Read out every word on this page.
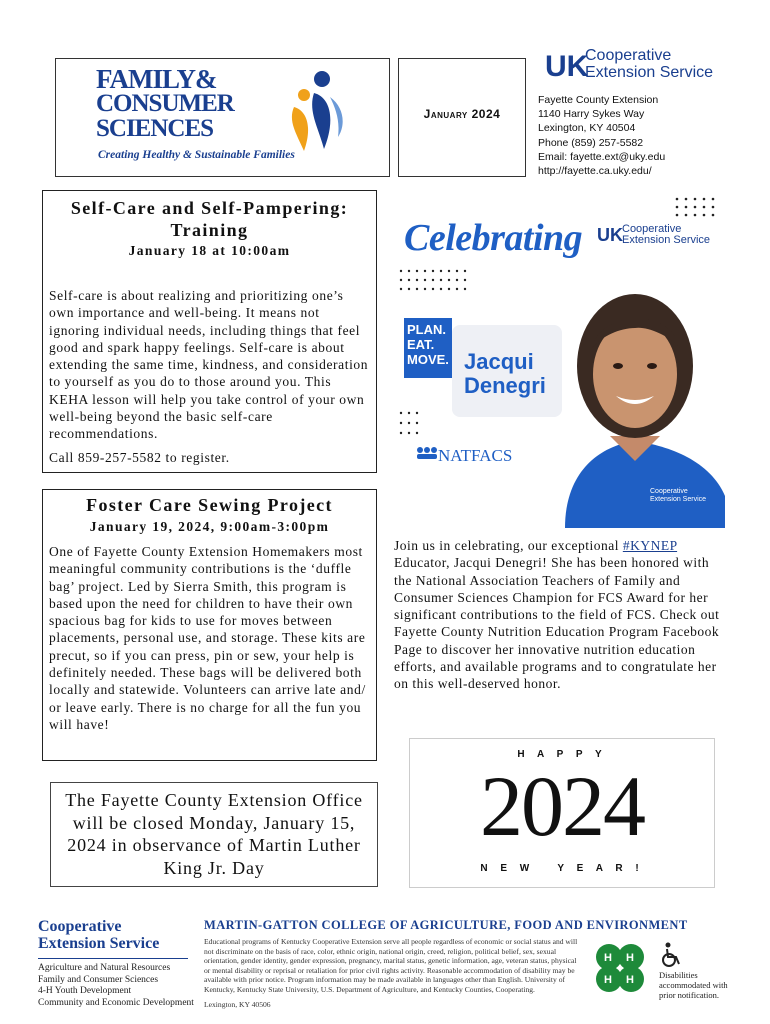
FAMILY&
CONSUMER
SCIENCES
Creating Healthy & Sustainable Families
January 2024
UK
Cooperative
Extension Service
Fayette County Extension
1140 Harry Sykes Way
Lexington, KY 40504
Phone (859) 257-5582
Email: fayette.ext@uky.edu
http://fayette.ca.uky.edu/
Self-Care and Self-Pampering: Training
January 18 at 10:00am
Self-care is about realizing and prioritizing one’s own importance and well-being. It means not ignoring individual needs, including things that feel good and spark happy feelings. Self-care is about extending the same time, kindness, and consideration to yourself as you do to those around you. This KEHA lesson will help you take control of your own well-being beyond the basic self-care recommendations.
Call 859-257-5582 to register.
Foster Care Sewing Project
January 19, 2024, 9:00am-3:00pm
One of Fayette County Extension Homemakers most meaningful community contributions is the ‘duffle bag’ project. Led by Sierra Smith, this program is based upon the need for children to have their own spacious bag for kids to use for moves between placements, personal use, and storage. These kits are precut, so if you can press, pin or sew, your help is definitely needed. These bags will be delivered both locally and statewide. Volunteers can arrive late and/ or leave early. There is no charge for all the fun you will have!
The Fayette County Extension Office will be closed Monday, January 15, 2024 in observance of Martin Luther King Jr. Day
Celebrating UK Cooperative
Extension Service
PLAN.
EAT.
MOVE. Jacqui
Denegri
Cooperative Extension Service
NATFACS
Join us in celebrating, our exceptional #KYNEP Educator, Jacqui Denegri! She has been honored with the National Association Teachers of Family and Consumer Sciences Champion for FCS Award for her significant contributions to the field of FCS. Check out Fayette County Nutrition Education Program Facebook Page to discover her innovative nutrition education efforts, and available programs and to congratulate her on this well-deserved honor.
H A P P Y
2024
N E W   Y E A R !
Cooperative
Extension Service
Agriculture and Natural Resources
Family and Consumer Sciences
4-H Youth Development
Community and Economic Development
MARTIN-GATTON COLLEGE OF AGRICULTURE, FOOD AND ENVIRONMENT
Educational programs of Kentucky Cooperative Extension serve all people regardless of economic or social status and will not discriminate on the basis of race, color, ethnic origin, national origin, creed, religion, political belief, sex, sexual orientation, gender identity, gender expression, pregnancy, marital status, genetic information, age, veteran status, physical or mental disability or reprisal or retaliation for prior civil rights activity. Reasonable accommodation of disability may be available with prior notice. Program information may be made available in languages other than English. University of Kentucky, Kentucky State University, U.S. Department of Agriculture, and Kentucky Counties, Cooperating.
Lexington, KY 40506
H H
H H	Disabilities accommodated with prior notification.
